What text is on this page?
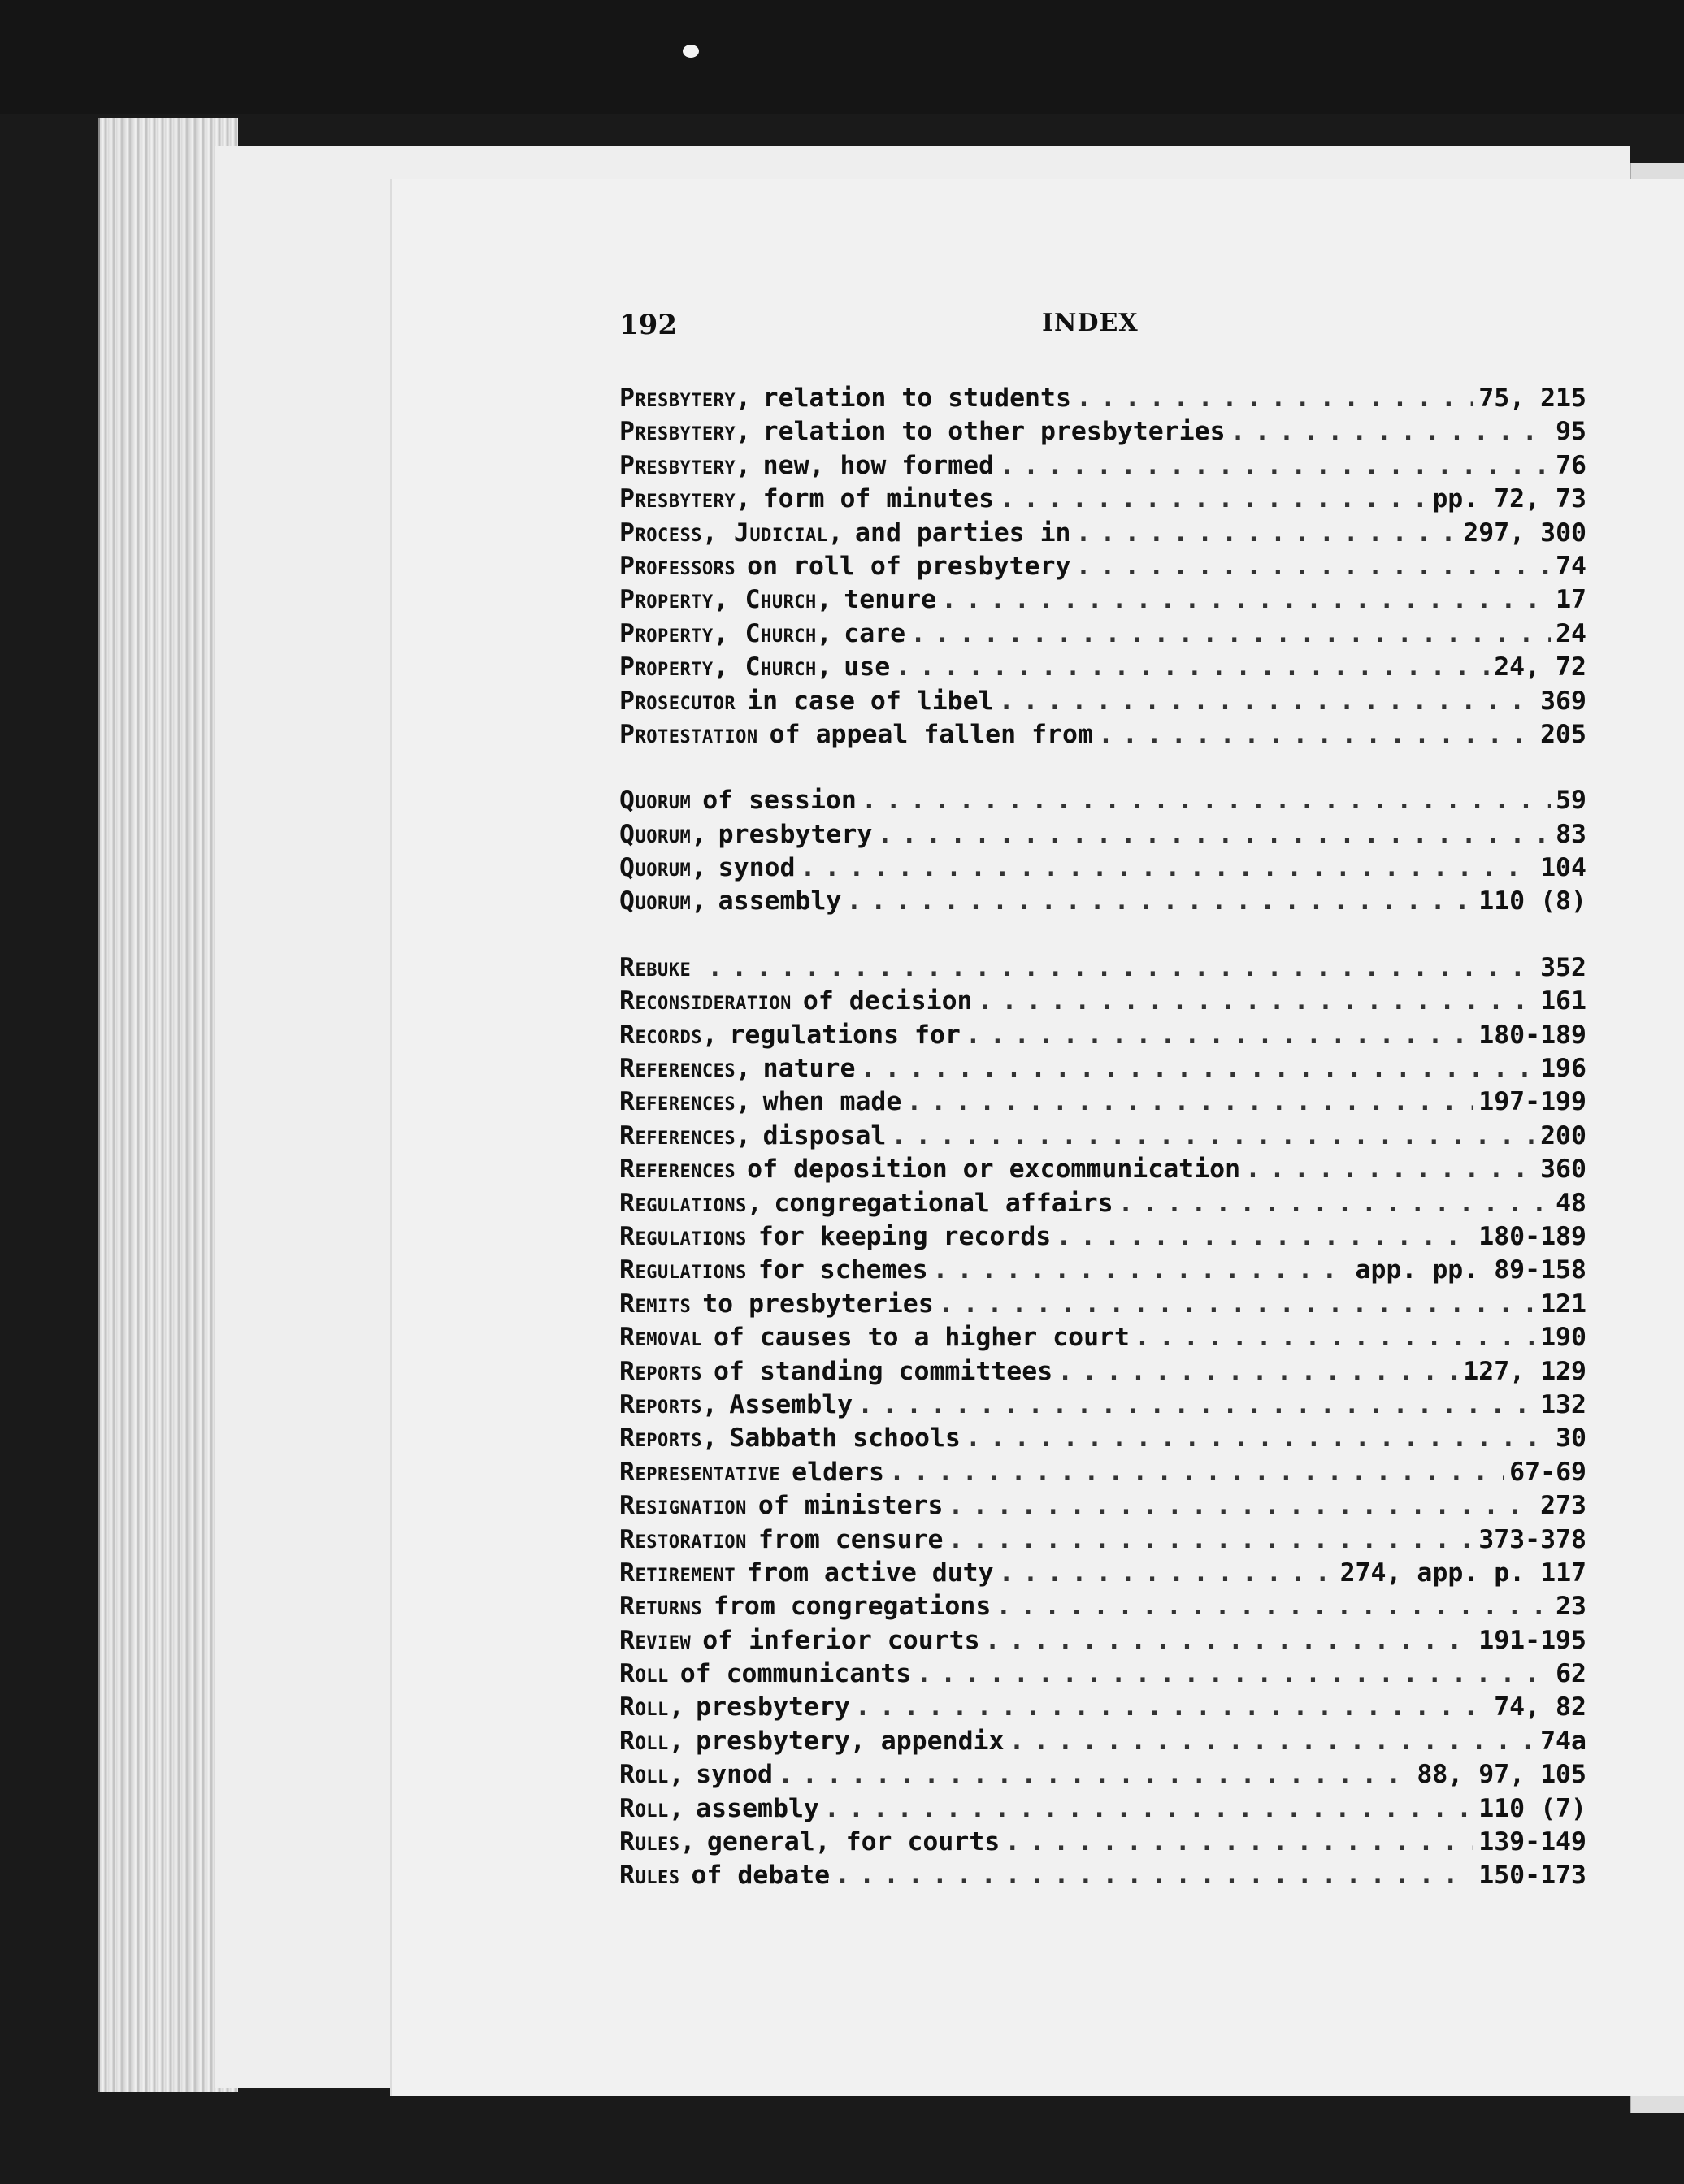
192	INDEX
Presbytery, relation to students . . .	75, 215
Presbytery, relation to other presbyteries . . .	95
Presbytery, new, how formed . . .	76
Presbytery, form of minutes . . .	pp. 72, 73
Process, Judicial, and parties in . . .	297, 300
Professors on roll of presbytery . . .	74
Property, Church, tenure . . .	17
Property, Church, care . . .	24
Property, Church, use . . .	24, 72
Prosecutor in case of libel . . .	369
Protestation of appeal fallen from . . .	205
Quorum of session . . .	59
Quorum, presbytery . . .	83
Quorum, synod . . .	104
Quorum, assembly . . .	110 (8)
Rebuke . . .	352
Reconsideration of decision . . .	161
Records, regulations for . . .	180-189
References, nature . . .	196
References, when made . . .	197-199
References, disposal . . .	200
References of deposition or excommunication . . .	360
Regulations, congregational affairs . . .	48
Regulations for keeping records . . .	180-189
Regulations for schemes . . .	app. pp. 89-158
Remits to presbyteries . . .	121
Removal of causes to a higher court . . .	190
Reports of standing committees . . .	127, 129
Reports, Assembly . . .	132
Reports, Sabbath schools . . .	30
Representative elders . . .	67-69
Resignation of ministers . . .	273
Restoration from censure . . .	373-378
Retirement from active duty . . .	274, app. p. 117
Returns from congregations . . .	23
Review of inferior courts . . .	191-195
Roll of communicants . . .	62
Roll, presbytery . . .	74, 82
Roll, presbytery, appendix . . .	74a
Roll, synod . . .	88, 97, 105
Roll, assembly . . .	110 (7)
Rules, general, for courts . . .	139-149
Rules of debate . . .	150-173
